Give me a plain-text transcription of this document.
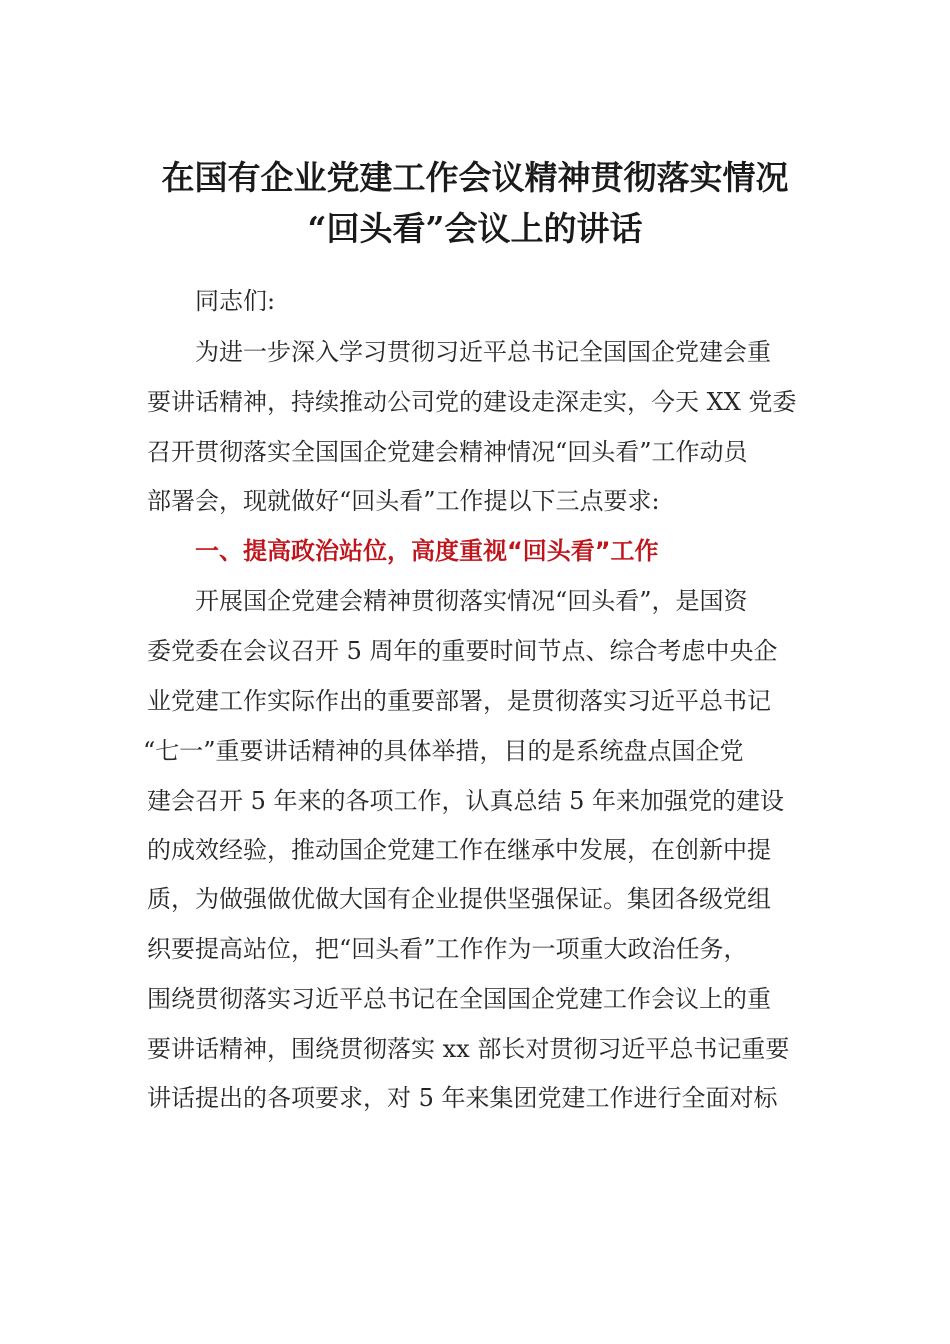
在国有企业党建工作会议精神贯彻落实情况
“回头看”会议上的讲话
同志们:
为进一步深入学习贯彻习近平总书记全国国企党建会重
要讲话精神，持续推动公司党的建设走深走实，今天 XX 党委
召开贯彻落实全国国企党建会精神情况“回头看”工作动员
部署会，现就做好“回头看”工作提以下三点要求:
一、提高政治站位，高度重视“回头看”工作
开展国企党建会精神贯彻落实情况“回头看”，是国资
委党委在会议召开 5 周年的重要时间节点、综合考虑中央企
业党建工作实际作出的重要部署，是贯彻落实习近平总书记
“七一”重要讲话精神的具体举措，目的是系统盘点国企党
建会召开 5 年来的各项工作，认真总结 5 年来加强党的建设
的成效经验，推动国企党建工作在继承中发展，在创新中提
质，为做强做优做大国有企业提供坚强保证。集团各级党组
织要提高站位，把“回头看”工作作为一项重大政治任务，
围绕贯彻落实习近平总书记在全国国企党建工作会议上的重
要讲话精神，围绕贯彻落实 xx 部长对贯彻习近平总书记重要
讲话提出的各项要求，对 5 年来集团党建工作进行全面对标
